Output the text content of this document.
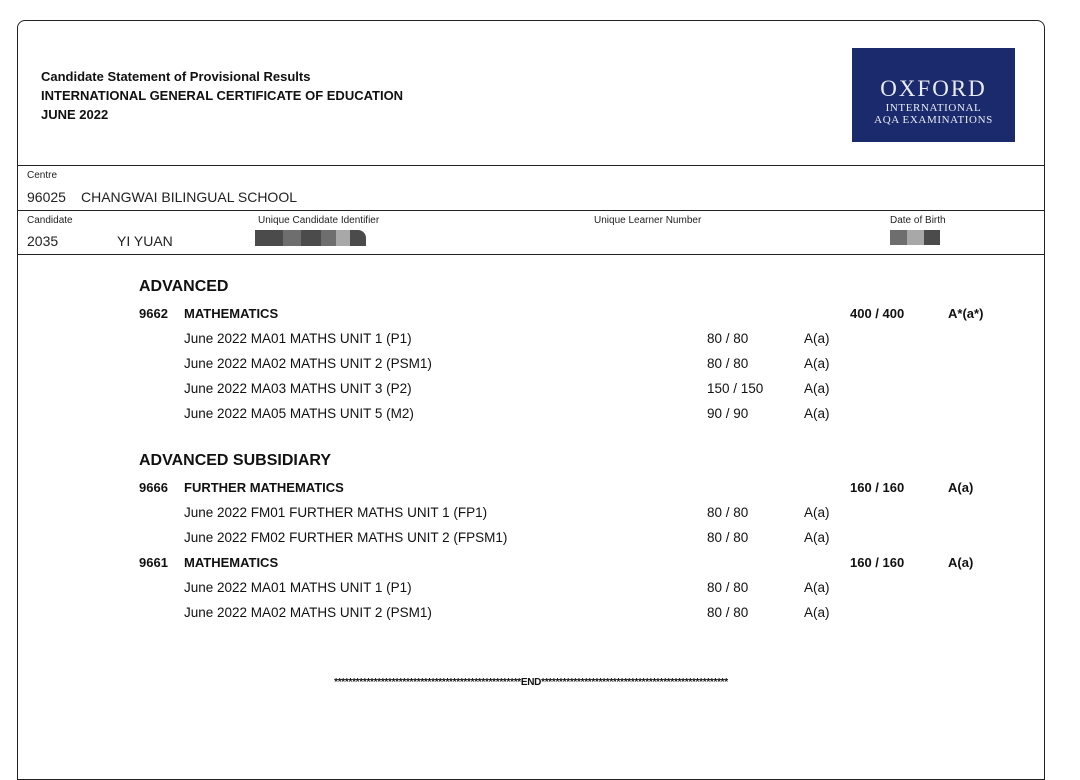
Candidate Statement of Provisional Results
INTERNATIONAL GENERAL CERTIFICATE OF EDUCATION
JUNE 2022
OXFORD
INTERNATIONAL
AQA EXAMINATIONS
Centre
96025 CHANGWAI BILINGUAL SCHOOL
Candidate
2035	YI YUAN
Unique Candidate Identifier	Unique Learner Number	Date of Birth
ADVANCED
9662 MATHEMATICS	400 / 400	A*(a*)
June 2022 MA01 MATHS UNIT 1 (P1)	80 / 80	A(a)
June 2022 MA02 MATHS UNIT 2 (PSM1)	80 / 80	A(a)
June 2022 MA03 MATHS UNIT 3 (P2)	150 / 150	A(a)
June 2022 MA05 MATHS UNIT 5 (M2)	90 / 90	A(a)
ADVANCED SUBSIDIARY
9666 FURTHER MATHEMATICS	160 / 160	A(a)
June 2022 FM01 FURTHER MATHS UNIT 1 (FP1)	80 / 80	A(a)
June 2022 FM02 FURTHER MATHS UNIT 2 (FPSM1)	80 / 80	A(a)
9661 MATHEMATICS	160 / 160	A(a)
June 2022 MA01 MATHS UNIT 1 (P1)	80 / 80	A(a)
June 2022 MA02 MATHS UNIT 2 (PSM1)	80 / 80	A(a)
****************************************************END****************************************************
